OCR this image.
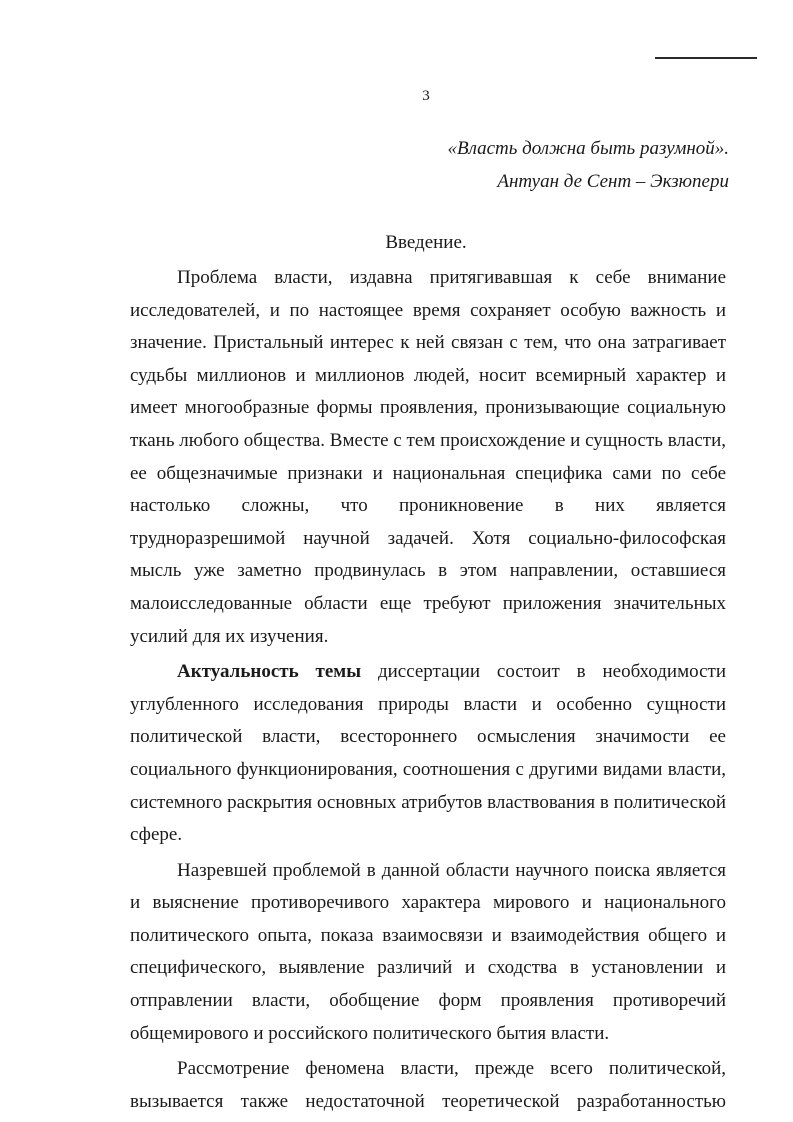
3
«Власть должна быть разумной».
Антуан де Сент – Экзюпери
Введение.

Проблема власти, издавна притягивавшая к себе внимание исследователей, и по настоящее время сохраняет особую важность и значение. Пристальный интерес к ней связан с тем, что она затрагивает судьбы миллионов и миллионов людей, носит всемирный характер и имеет многообразные формы проявления, пронизывающие социальную ткань любого общества. Вместе с тем происхождение и сущность власти, ее общезначимые признаки и национальная специфика сами по себе настолько сложны, что проникновение в них является трудноразрешимой научной задачей. Хотя социально-философская мысль уже заметно продвинулась в этом направлении, оставшиеся малоисследованные области еще требуют приложения значительных усилий для их изучения.

Актуальность темы диссертации состоит в необходимости углубленного исследования природы власти и особенно сущности политической власти, всестороннего осмысления значимости ее социального функционирования, соотношения с другими видами власти, системного раскрытия основных атрибутов властвования в политической сфере.

Назревшей проблемой в данной области научного поиска является и выяснение противоречивого характера мирового и национального политического опыта, показа взаимосвязи и взаимодействия общего и специфического, выявление различий и сходства в установлении и отправлении власти, обобщение форм проявления противоречий общемирового и российского политического бытия власти.

Рассмотрение феномена власти, прежде всего политической, вызывается также недостаточной теоретической разработанностью
